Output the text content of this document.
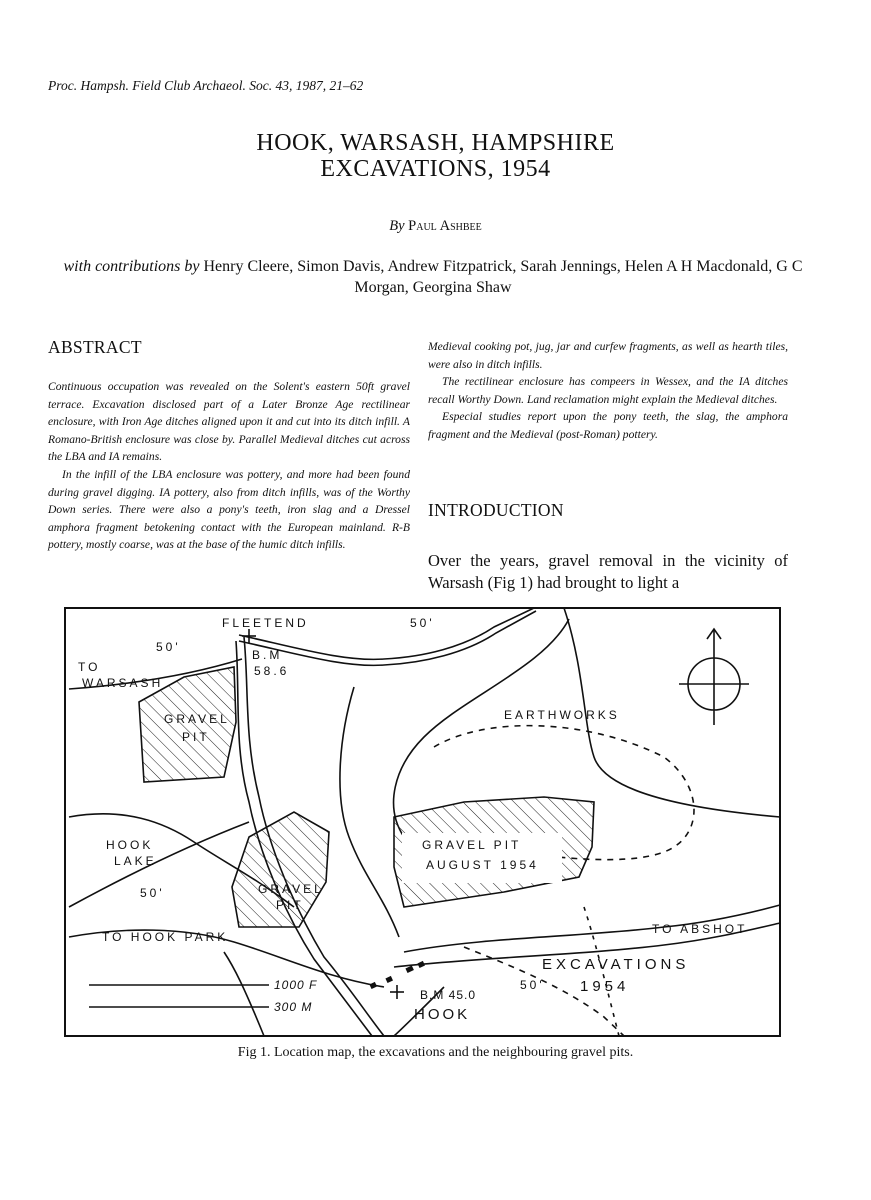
Proc. Hampsh. Field Club Archaeol. Soc. 43, 1987, 21–62
HOOK, WARSASH, HAMPSHIRE
EXCAVATIONS, 1954
By Paul Ashbee
with contributions by Henry Cleere, Simon Davis, Andrew Fitzpatrick, Sarah Jennings, Helen A H Macdonald, G C Morgan, Georgina Shaw
ABSTRACT

Continuous occupation was revealed on the Solent's eastern 50ft gravel terrace. Excavation disclosed part of a Later Bronze Age rectilinear enclosure, with Iron Age ditches aligned upon it and cut into its ditch infill. A Romano-British enclosure was close by. Parallel Medieval ditches cut across the LBA and IA remains.

In the infill of the LBA enclosure was pottery, and more had been found during gravel digging. IA pottery, also from ditch infills, was of the Worthy Down series. There were also a pony's teeth, iron slag and a Dressel amphora fragment betokening contact with the European mainland. R-B pottery, mostly coarse, was at the base of the humic ditch infills.

Medieval cooking pot, jug, jar and curfew fragments, as well as hearth tiles, were also in ditch infills.

The rectilinear enclosure has compeers in Wessex, and the IA ditches recall Worthy Down. Land reclamation might explain the Medieval ditches.

Especial studies report upon the pony teeth, the slag, the amphora fragment and the Medieval (post-Roman) pottery.

INTRODUCTION
Over the years, gravel removal in the vicinity of Warsash (Fig 1) had brought to light a
FLEETEND
50'
50'
TO
WARSASH
B.M
58.6
EARTHWORKS
GRAVEL
PIT
HOOK
LAKE
50'	GRAVEL
PIT
GRAVEL PIT
AUGUST 1954
TO HOOK PARK
TO ABSHOT
50'
B.M 45.0
HOOK
1000 F
300 M
EXCAVATIONS
1954
Fig 1. Location map, the excavations and the neighbouring gravel pits.
